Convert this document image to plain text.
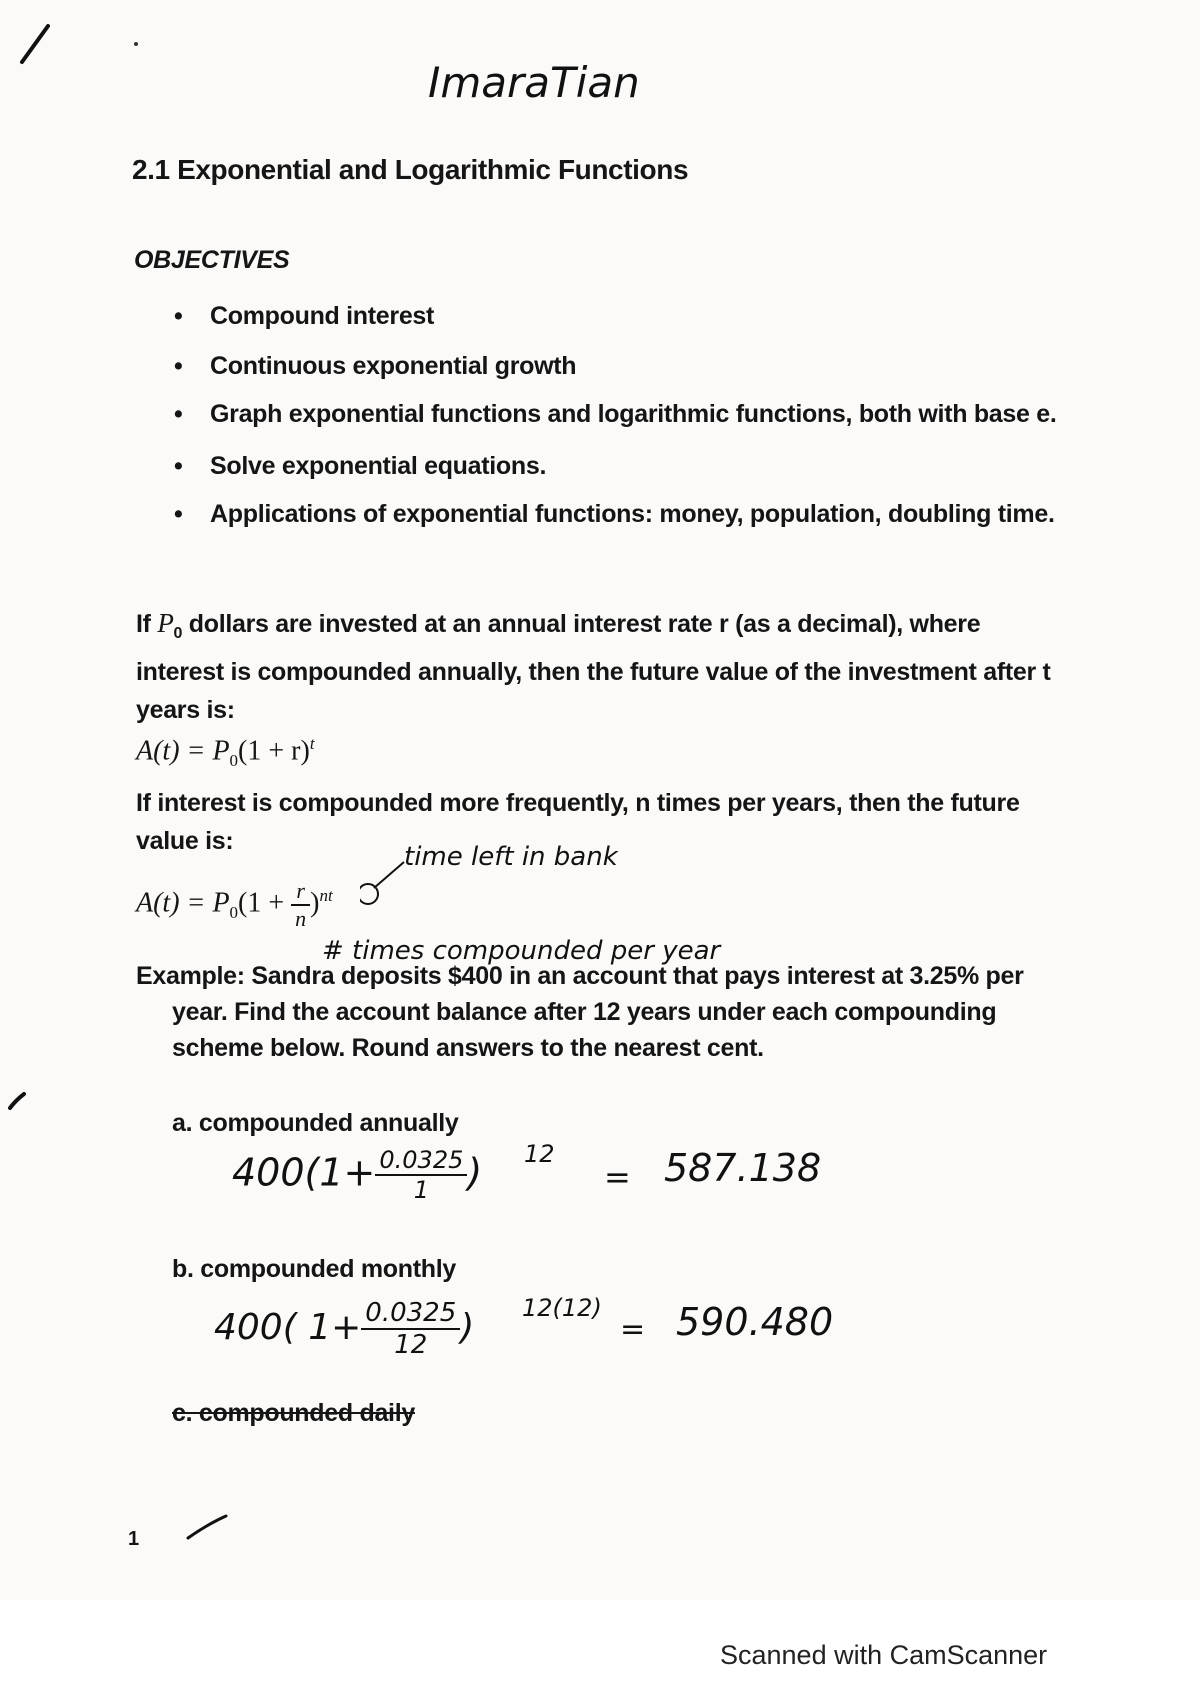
ImaraTian
2.1 Exponential and Logarithmic Functions
OBJECTIVES
• Compound interest
• Continuous exponential growth
• Graph exponential functions and logarithmic functions, both with base e.
• Solve exponential equations.
• Applications of exponential functions: money, population, doubling time.
If $P_0$ dollars are invested at an annual interest rate r (as a decimal), where
interest is compounded annually, then the future value of the investment after t
years is:
$A(t) = P_0(1 + r)^t$
If interest is compounded more frequently, n times per years, then the future
value is:
time left in bank
$A(t) = P_0(1 + \frac{r}{n} )^{nt}$
# times compounded per year
Example: Sandra deposits $400 in an account that pays interest at 3.25% per
year. Find the account balance after 12 years under each compounding
scheme below. Round answers to the nearest cent.
a. compounded annually
$400(1+ \frac{0.0325}{1}$ ) 12
= 587.138
b. compounded monthly
400( $1+ \frac{0.0325}{12}$ ) 12(12)
= 590.480
c. compounded daily
1
Scanned with CamScanner
